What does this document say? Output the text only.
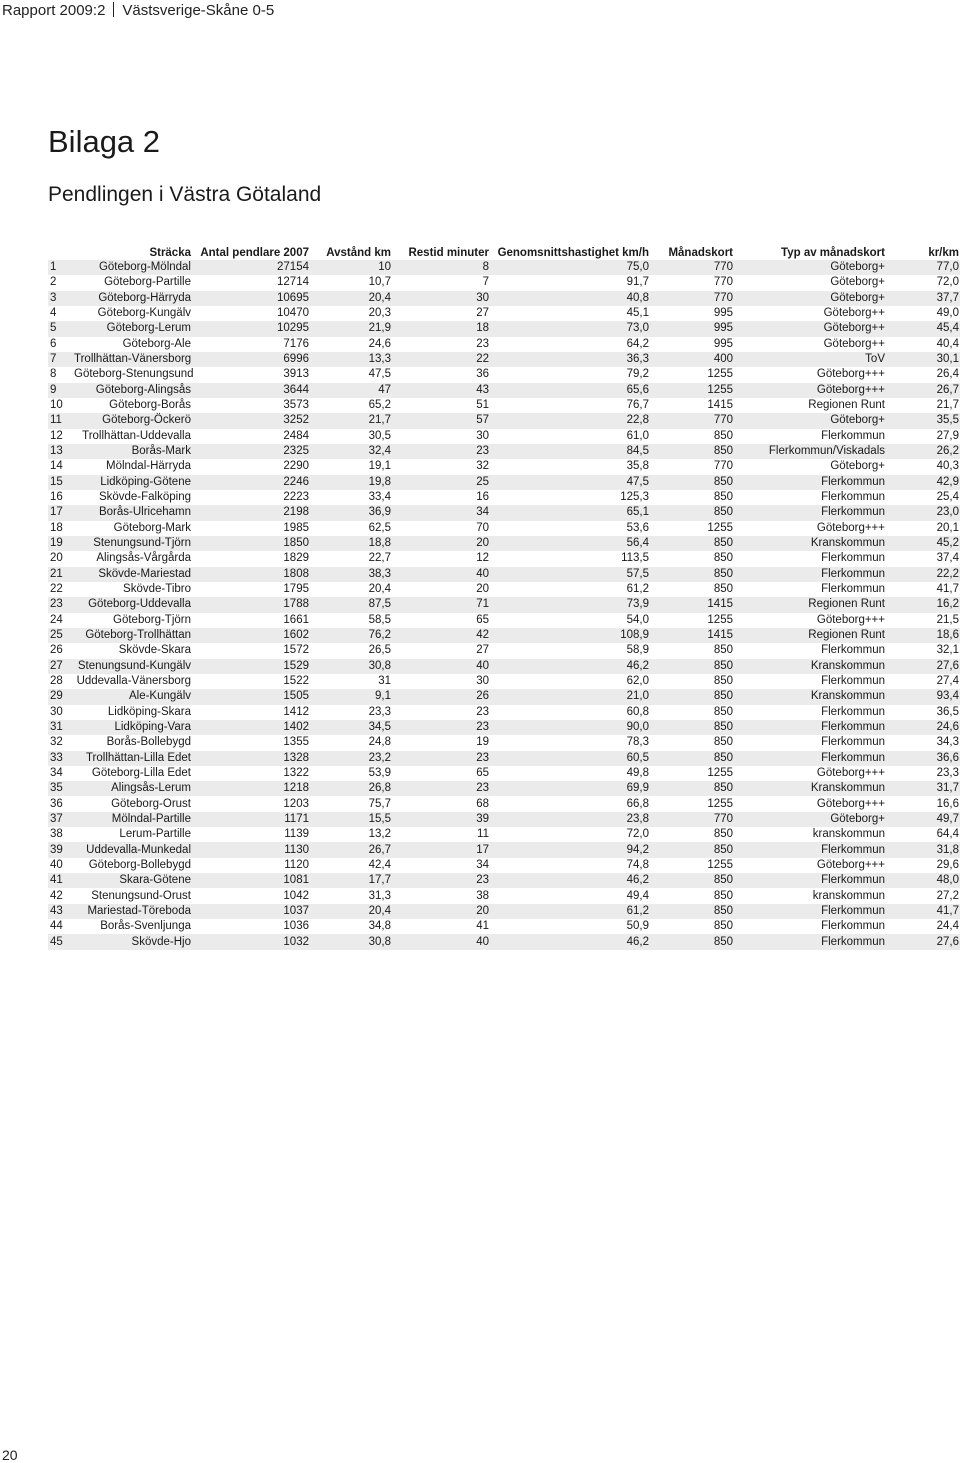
Rapport 2009:2 Västsverige-Skåne 0-5
Bilaga 2
Pendlingen i Västra Götaland
	Sträcka	Antal pendlare 2007	Avstånd km	Restid minuter	Genomsnittshastighet km/h	Månadskort	Typ av månadskort	kr/km
1	Göteborg-Mölndal	27154	10	8	75,0	770	Göteborg+	77,0
2	Göteborg-Partille	12714	10,7	7	91,7	770	Göteborg+	72,0
3	Göteborg-Härryda	10695	20,4	30	40,8	770	Göteborg+	37,7
4	Göteborg-Kungälv	10470	20,3	27	45,1	995	Göteborg++	49,0
5	Göteborg-Lerum	10295	21,9	18	73,0	995	Göteborg++	45,4
6	Göteborg-Ale	7176	24,6	23	64,2	995	Göteborg++	40,4
7	Trollhättan-Vänersborg	6996	13,3	22	36,3	400	ToV	30,1
8	Göteborg-Stenungsund	3913	47,5	36	79,2	1255	Göteborg+++	26,4
9	Göteborg-Alingsås	3644	47	43	65,6	1255	Göteborg+++	26,7
10	Göteborg-Borås	3573	65,2	51	76,7	1415	Regionen Runt	21,7
11	Göteborg-Öckerö	3252	21,7	57	22,8	770	Göteborg+	35,5
12	Trollhättan-Uddevalla	2484	30,5	30	61,0	850	Flerkommun	27,9
13	Borås-Mark	2325	32,4	23	84,5	850	Flerkommun/Viskadals	26,2
14	Mölndal-Härryda	2290	19,1	32	35,8	770	Göteborg+	40,3
15	Lidköping-Götene	2246	19,8	25	47,5	850	Flerkommun	42,9
16	Skövde-Falköping	2223	33,4	16	125,3	850	Flerkommun	25,4
17	Borås-Ulricehamn	2198	36,9	34	65,1	850	Flerkommun	23,0
18	Göteborg-Mark	1985	62,5	70	53,6	1255	Göteborg+++	20,1
19	Stenungsund-Tjörn	1850	18,8	20	56,4	850	Kranskommun	45,2
20	Alingsås-Vårgårda	1829	22,7	12	113,5	850	Flerkommun	37,4
21	Skövde-Mariestad	1808	38,3	40	57,5	850	Flerkommun	22,2
22	Skövde-Tibro	1795	20,4	20	61,2	850	Flerkommun	41,7
23	Göteborg-Uddevalla	1788	87,5	71	73,9	1415	Regionen Runt	16,2
24	Göteborg-Tjörn	1661	58,5	65	54,0	1255	Göteborg+++	21,5
25	Göteborg-Trollhättan	1602	76,2	42	108,9	1415	Regionen Runt	18,6
26	Skövde-Skara	1572	26,5	27	58,9	850	Flerkommun	32,1
27	Stenungsund-Kungälv	1529	30,8	40	46,2	850	Kranskommun	27,6
28	Uddevalla-Vänersborg	1522	31	30	62,0	850	Flerkommun	27,4
29	Ale-Kungälv	1505	9,1	26	21,0	850	Kranskommun	93,4
30	Lidköping-Skara	1412	23,3	23	60,8	850	Flerkommun	36,5
31	Lidköping-Vara	1402	34,5	23	90,0	850	Flerkommun	24,6
32	Borås-Bollebygd	1355	24,8	19	78,3	850	Flerkommun	34,3
33	Trollhättan-Lilla Edet	1328	23,2	23	60,5	850	Flerkommun	36,6
34	Göteborg-Lilla Edet	1322	53,9	65	49,8	1255	Göteborg+++	23,3
35	Alingsås-Lerum	1218	26,8	23	69,9	850	Kranskommun	31,7
36	Göteborg-Orust	1203	75,7	68	66,8	1255	Göteborg+++	16,6
37	Mölndal-Partille	1171	15,5	39	23,8	770	Göteborg+	49,7
38	Lerum-Partille	1139	13,2	11	72,0	850	kranskommun	64,4
39	Uddevalla-Munkedal	1130	26,7	17	94,2	850	Flerkommun	31,8
40	Göteborg-Bollebygd	1120	42,4	34	74,8	1255	Göteborg+++	29,6
41	Skara-Götene	1081	17,7	23	46,2	850	Flerkommun	48,0
42	Stenungsund-Orust	1042	31,3	38	49,4	850	kranskommun	27,2
43	Mariestad-Töreboda	1037	20,4	20	61,2	850	Flerkommun	41,7
44	Borås-Svenljunga	1036	34,8	41	50,9	850	Flerkommun	24,4
45	Skövde-Hjo	1032	30,8	40	46,2	850	Flerkommun	27,6
20
